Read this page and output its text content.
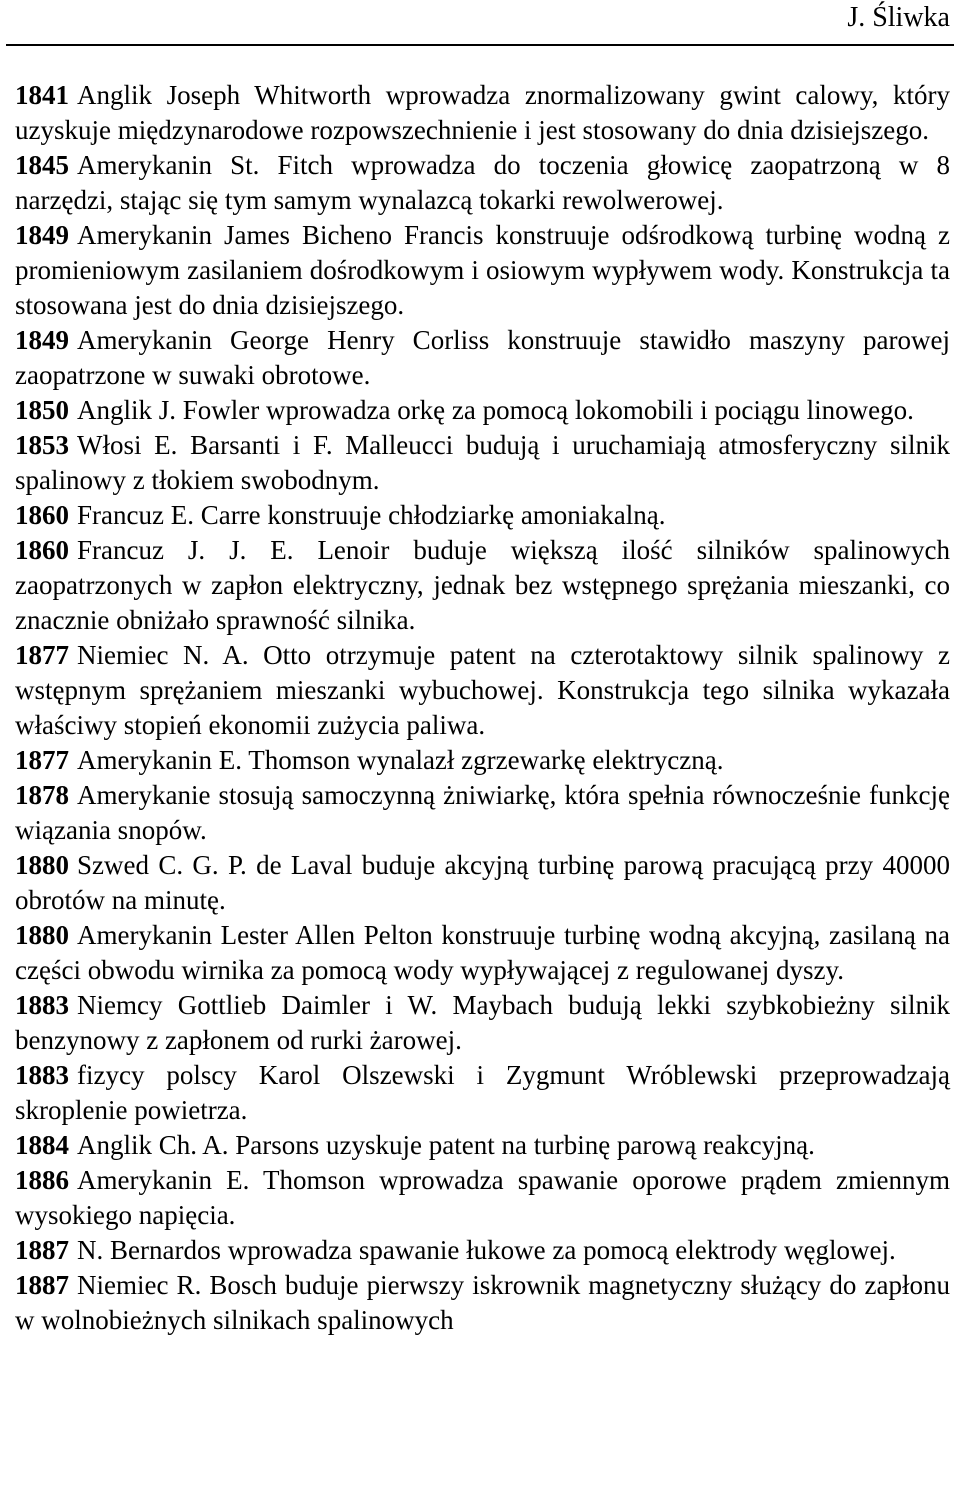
J. Śliwka

1841 Anglik Joseph Whitworth wprowadza znormalizowany gwint calowy, który uzyskuje międzynarodowe rozpowszechnienie i jest stosowany do dnia dzisiejszego.

1845 Amerykanin St. Fitch wprowadza do toczenia głowicę zaopatrzoną w 8 narzędzi, stając się tym samym wynalazcą tokarki rewolwerowej.

1849 Amerykanin James Bicheno Francis konstruuje odśrodkową turbinę wodną z promieniowym zasilaniem dośrodkowym i osiowym wypływem wody. Konstrukcja ta stosowana jest do dnia dzisiejszego.

1849 Amerykanin George Henry Corliss konstruuje stawidło maszyny parowej zaopatrzone w suwaki obrotowe.

1850 Anglik J. Fowler wprowadza orkę za pomocą lokomobili i pociągu linowego.

1853 Włosi E. Barsanti i F. Malleucci budują i uruchamiają atmosferyczny silnik spalinowy z tłokiem swobodnym.

1860 Francuz E. Carre konstruuje chłodziarkę amoniakalną.

1860 Francuz J. J. E. Lenoir buduje większą ilość silników spalinowych zaopatrzonych w zapłon elektryczny, jednak bez wstępnego sprężania mieszanki, co znacznie obniżało sprawność silnika.

1877 Niemiec N. A. Otto otrzymuje patent na czterotaktowy silnik spalinowy z wstępnym sprężaniem mieszanki wybuchowej. Konstrukcja tego silnika wykazała właściwy stopień ekonomii zużycia paliwa.

1877 Amerykanin E. Thomson wynalazł zgrzewarkę elektryczną.

1878 Amerykanie stosują samoczynną żniwiarkę, która spełnia równocześnie funkcję wiązania snopów.

1880 Szwed C. G. P. de Laval buduje akcyjną turbinę parową pracującą przy 40000 obrotów na minutę.

1880 Amerykanin Lester Allen Pelton konstruuje turbinę wodną akcyjną, zasilaną na części obwodu wirnika za pomocą wody wypływającej z regulowanej dyszy.

1883 Niemcy Gottlieb Daimler i W. Maybach budują lekki szybkobieżny silnik benzynowy z zapłonem od rurki żarowej.

1883 fizycy polscy Karol Olszewski i Zygmunt Wróblewski przeprowadzają skroplenie powietrza.

1884 Anglik Ch. A. Parsons uzyskuje patent na turbinę parową reakcyjną.

1886 Amerykanin E. Thomson wprowadza spawanie oporowe prądem zmiennym wysokiego napięcia.

1887 N. Bernardos wprowadza spawanie łukowe za pomocą elektrody węglowej.

1887 Niemiec R. Bosch buduje pierwszy iskrownik magnetyczny służący do zapłonu w wolnobieżnych silnikach spalinowych
